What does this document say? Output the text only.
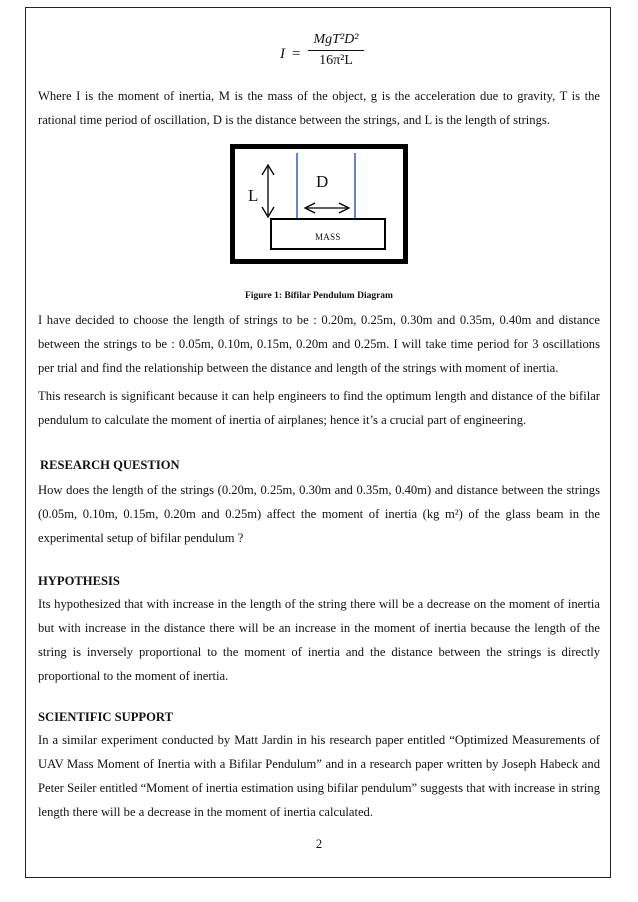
I =
MgT²D²
16π²L
Where I is the moment of inertia, M is the mass of the object, g is the acceleration due to gravity, T is the rational time period of oscillation, D is the distance between the strings, and L is the length of strings.
L
D
MASS
Figure 1: Bifilar Pendulum Diagram
I have decided to choose the length of strings to be : 0.20m, 0.25m, 0.30m and 0.35m, 0.40m and distance between the strings to be : 0.05m, 0.10m, 0.15m, 0.20m and 0.25m. I will take time period for 3 oscillations per trial and find the relationship between the distance and length of the strings with moment of inertia.
This research is significant because it can help engineers to find the optimum length and distance of the bifilar pendulum to calculate the moment of inertia of airplanes; hence it’s a crucial part of engineering.
RESEARCH QUESTION
How does the length of the strings (0.20m, 0.25m, 0.30m and 0.35m, 0.40m) and distance between the strings (0.05m, 0.10m, 0.15m, 0.20m and 0.25m) affect the moment of inertia (kg m²) of the glass beam in the experimental setup of bifilar pendulum ?
HYPOTHESIS
Its hypothesized that with increase in the length of the string there will be a decrease on the moment of inertia but with increase in the distance there will be an increase in the moment of inertia because the length of the string is inversely proportional to the moment of inertia and the distance between the strings is directly proportional to the moment of inertia.
SCIENTIFIC SUPPORT
In a similar experiment conducted by Matt Jardin in his research paper entitled “Optimized Measurements of UAV Mass Moment of Inertia with a Bifilar Pendulum” and in a research paper written by Joseph Habeck and Peter Seiler entitled “Moment of inertia estimation using bifilar pendulum” suggests that with increase in string length there will be a decrease in the moment of inertia calculated.
2
